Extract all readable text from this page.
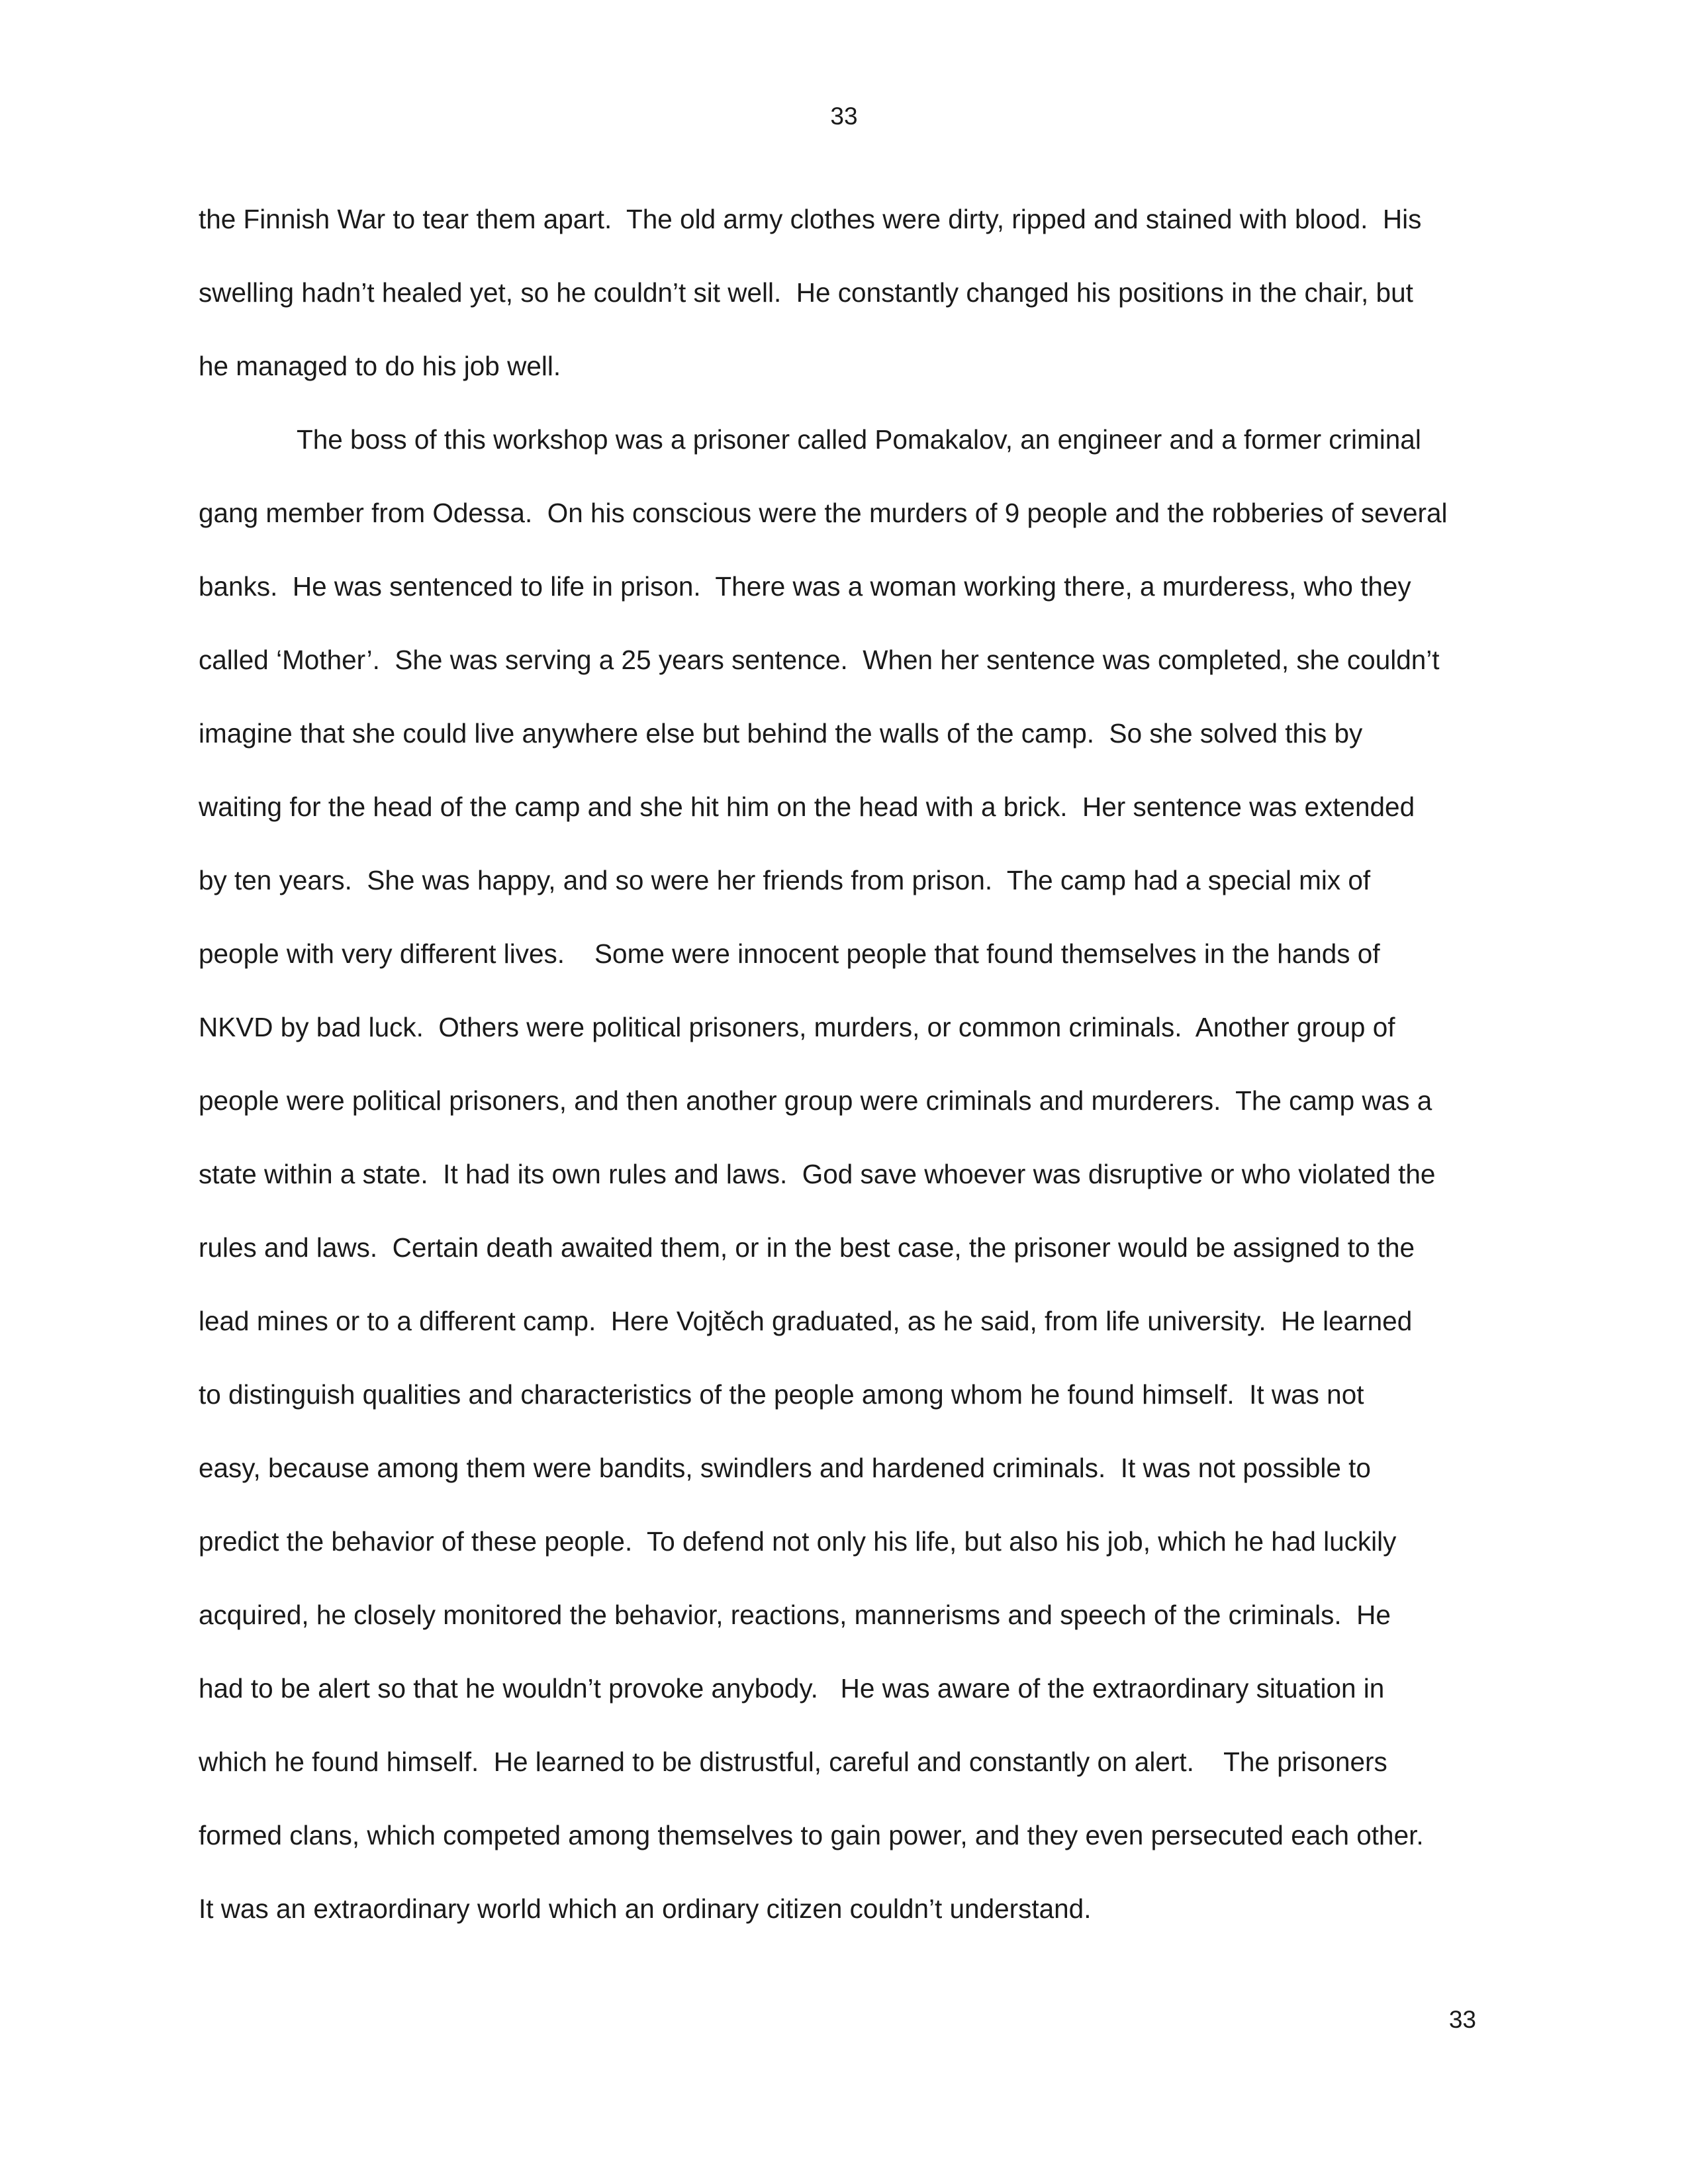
33
the Finnish War to tear them apart.  The old army clothes were dirty, ripped and stained with blood.  His
swelling hadn’t healed yet, so he couldn’t sit well.  He constantly changed his positions in the chair, but
he managed to do his job well.
The boss of this workshop was a prisoner called Pomakalov, an engineer and a former criminal
gang member from Odessa.  On his conscious were the murders of 9 people and the robberies of several
banks.  He was sentenced to life in prison.  There was a woman working there, a murderess, who they
called ‘Mother’.  She was serving a 25 years sentence.  When her sentence was completed, she couldn’t
imagine that she could live anywhere else but behind the walls of the camp.  So she solved this by
waiting for the head of the camp and she hit him on the head with a brick.  Her sentence was extended
by ten years.  She was happy, and so were her friends from prison.  The camp had a special mix of
people with very different lives.    Some were innocent people that found themselves in the hands of
NKVD by bad luck.  Others were political prisoners, murders, or common criminals.  Another group of
people were political prisoners, and then another group were criminals and murderers.  The camp was a
state within a state.  It had its own rules and laws.  God save whoever was disruptive or who violated the
rules and laws.  Certain death awaited them, or in the best case, the prisoner would be assigned to the
lead mines or to a different camp.  Here Vojtěch graduated, as he said, from life university.  He learned
to distinguish qualities and characteristics of the people among whom he found himself.  It was not
easy, because among them were bandits, swindlers and hardened criminals.  It was not possible to
predict the behavior of these people.  To defend not only his life, but also his job, which he had luckily
acquired, he closely monitored the behavior, reactions, mannerisms and speech of the criminals.  He
had to be alert so that he wouldn’t provoke anybody.   He was aware of the extraordinary situation in
which he found himself.  He learned to be distrustful, careful and constantly on alert.    The prisoners
formed clans, which competed among themselves to gain power, and they even persecuted each other.
It was an extraordinary world which an ordinary citizen couldn’t understand.
33
